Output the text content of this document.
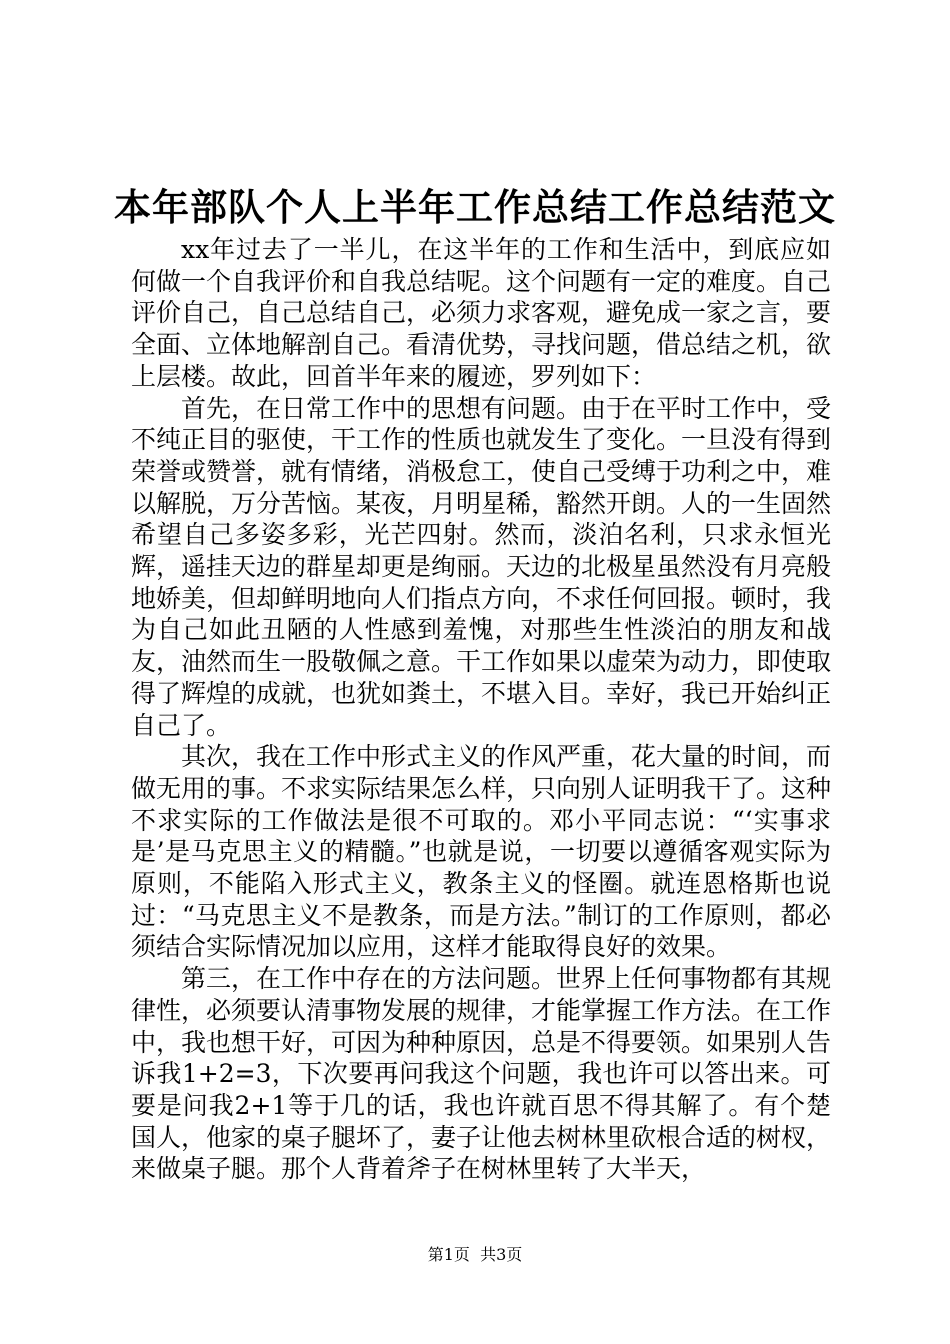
本年部队个人上半年工作总结工作总结范文

xx年过去了一半儿，在这半年的工作和生活中，到底应如何做一个自我评价和自我总结呢。这个问题有一定的难度。自己评价自己，自己总结自己，必须力求客观，避免成一家之言，要全面、立体地解剖自己。看清优势，寻找问题，借总结之机，欲上层楼。故此，回首半年来的履迹，罗列如下：

首先，在日常工作中的思想有问题。由于在平时工作中，受不纯正目的驱使，干工作的性质也就发生了变化。一旦没有得到荣誉或赞誉，就有情绪，消极怠工，使自己受缚于功利之中，难以解脱，万分苦恼。某夜，月明星稀，豁然开朗。人的一生固然希望自己多姿多彩，光芒四射。然而，淡泊名利，只求永恒光辉，遥挂天边的群星却更是绚丽。天边的北极星虽然没有月亮般地娇美，但却鲜明地向人们指点方向，不求任何回报。顿时，我为自己如此丑陋的人性感到羞愧，对那些生性淡泊的朋友和战友，油然而生一股敬佩之意。干工作如果以虚荣为动力，即使取得了辉煌的成就，也犹如粪土，不堪入目。幸好，我已开始纠正自己了。

其次，我在工作中形式主义的作风严重，花大量的时间，而做无用的事。不求实际结果怎么样，只向别人证明我干了。这种不求实际的工作做法是很不可取的。邓小平同志说：“‘实事求是’是马克思主义的精髓。”也就是说，一切要以遵循客观实际为原则，不能陷入形式主义，教条主义的怪圈。就连恩格斯也说过：“马克思主义不是教条，而是方法。”制订的工作原则，都必须结合实际情况加以应用，这样才能取得良好的效果。

第三，在工作中存在的方法问题。世界上任何事物都有其规律性，必须要认清事物发展的规律，才能掌握工作方法。在工作中，我也想干好，可因为种种原因，总是不得要领。如果别人告诉我1+2=3，下次要再问我这个问题，我也许可以答出来。可要是问我2+1等于几的话，我也许就百思不得其解了。有个楚国人，他家的桌子腿坏了，妻子让他去树林里砍根合适的树杈，来做桌子腿。那个人背着斧子在树林里转了大半天，

第1页  共3页
